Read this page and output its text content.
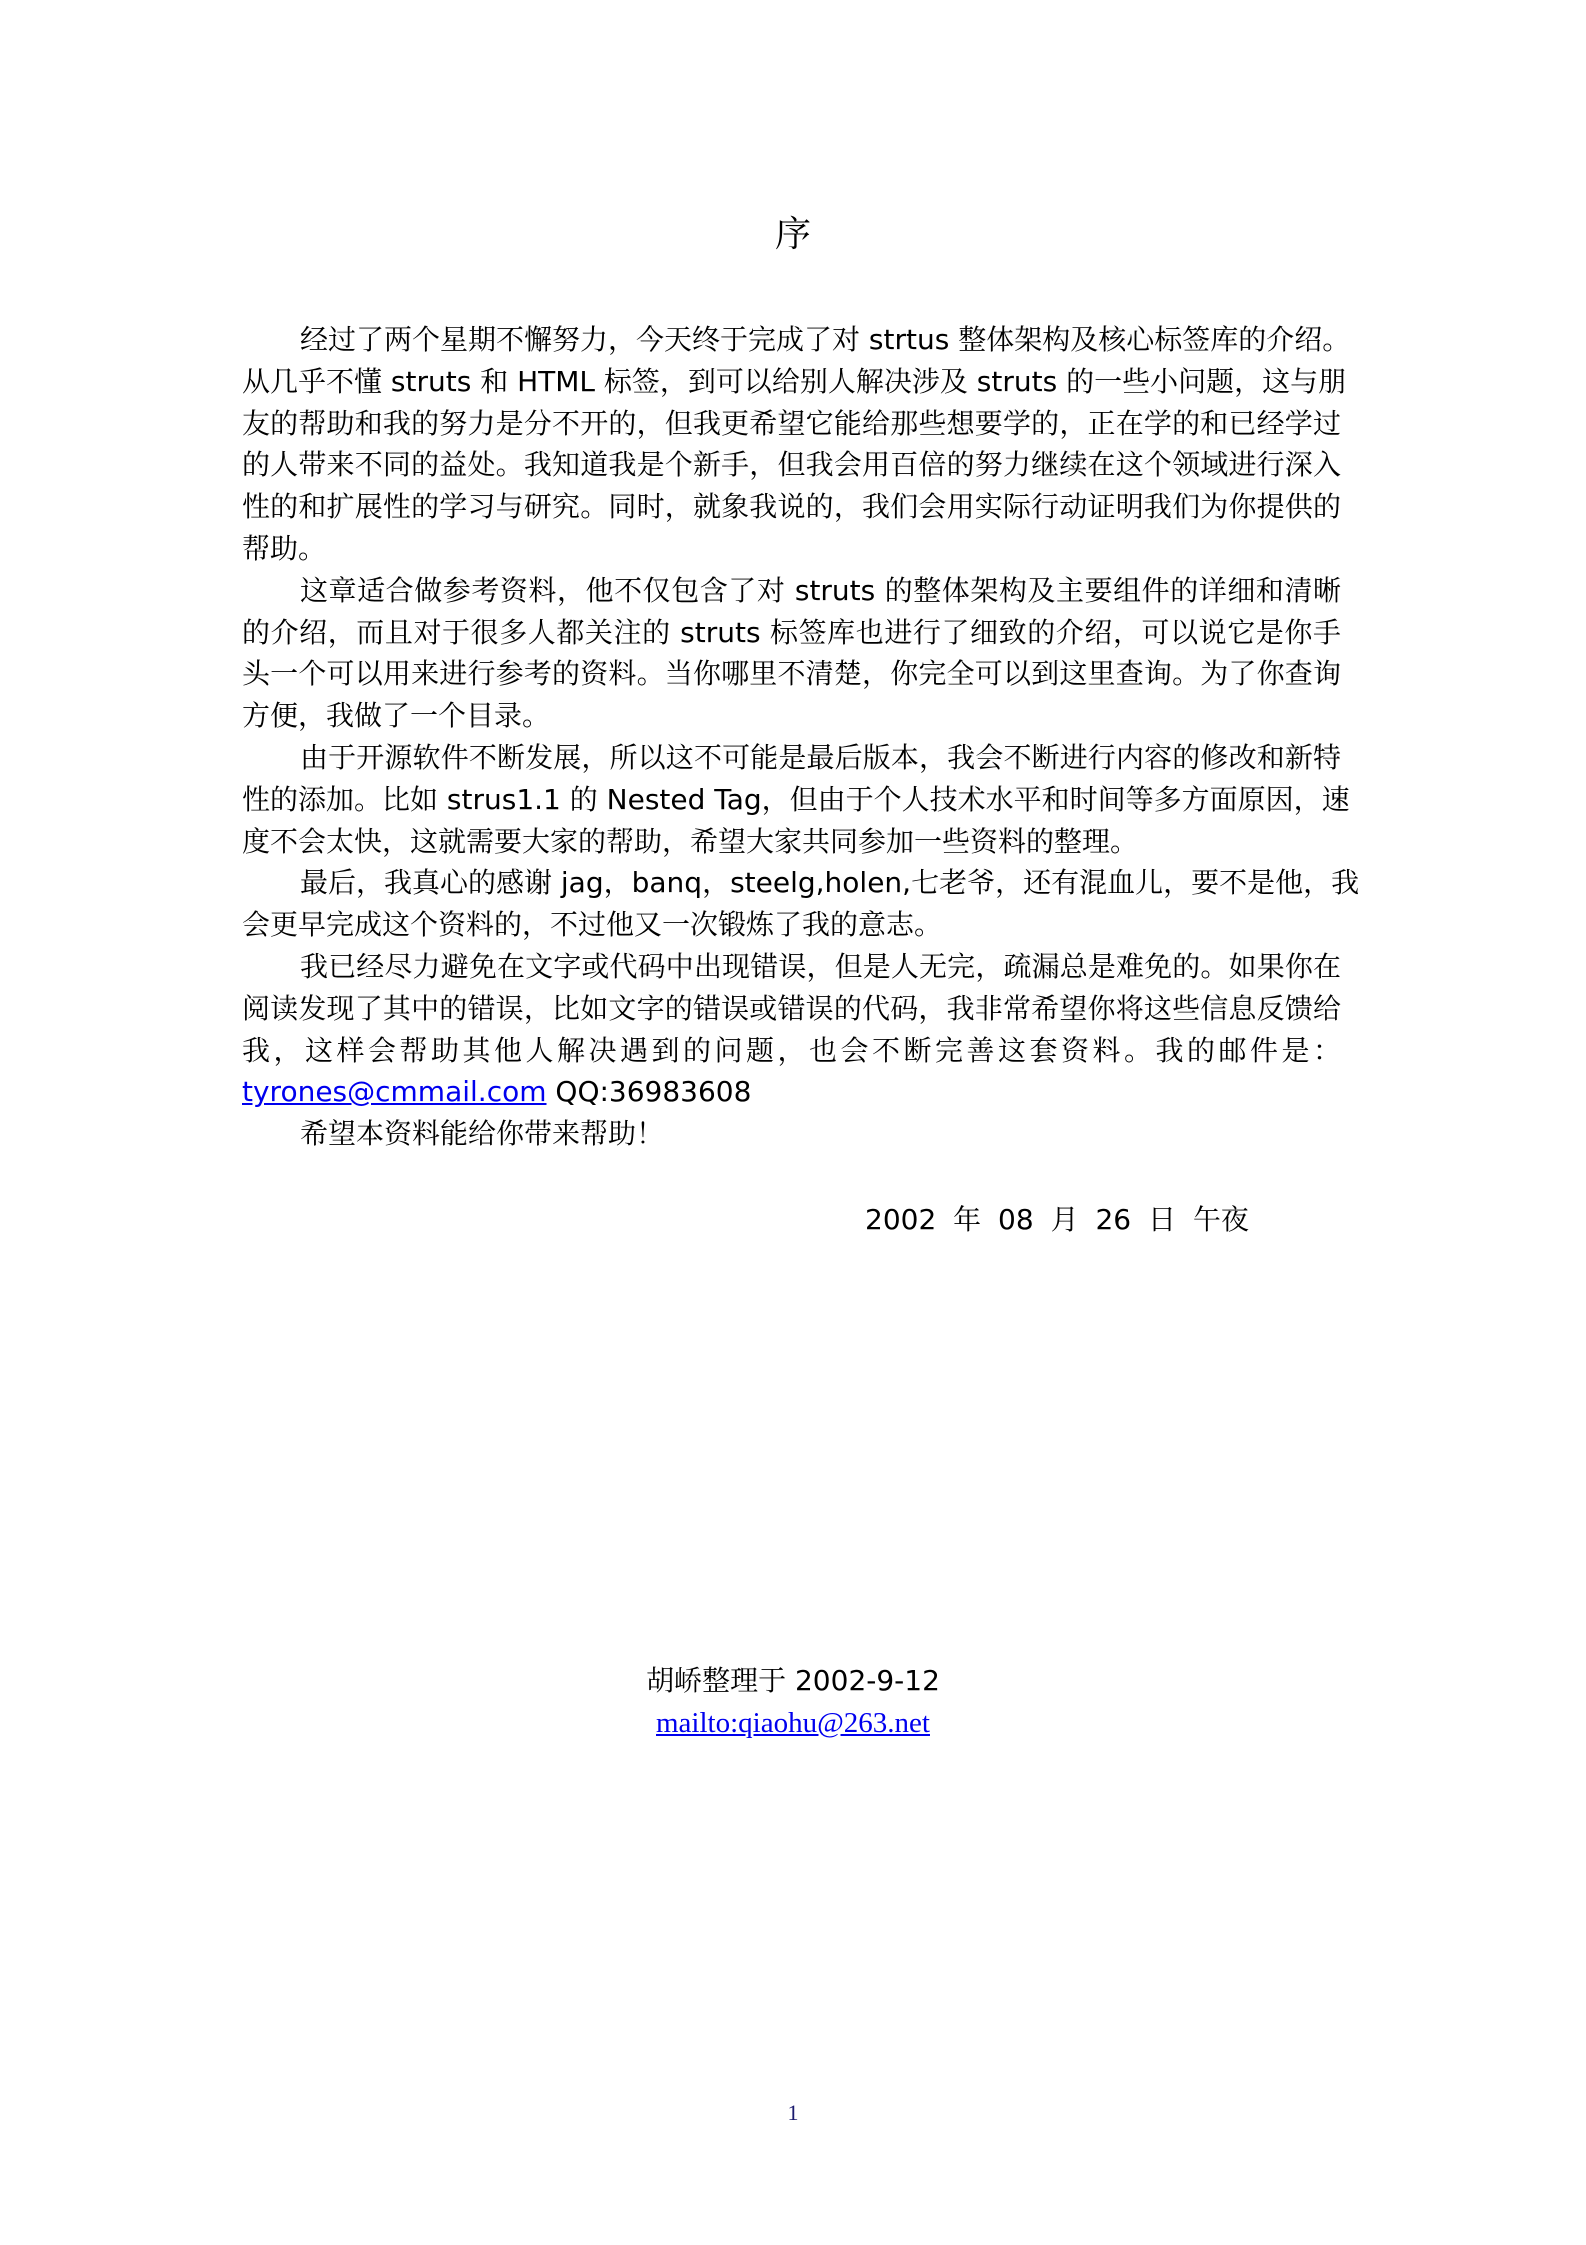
序
经过了两个星期不懈努力，今天终于完成了对 strtus 整体架构及核心标签库的介绍。
从几乎不懂 struts 和 HTML 标签，到可以给别人解决涉及 struts 的一些小问题，这与朋
友的帮助和我的努力是分不开的，但我更希望它能给那些想要学的，正在学的和已经学过
的人带来不同的益处。我知道我是个新手，但我会用百倍的努力继续在这个领域进行深入
性的和扩展性的学习与研究。同时，就象我说的，我们会用实际行动证明我们为你提供的
帮助。
这章适合做参考资料，他不仅包含了对 struts 的整体架构及主要组件的详细和清晰
的介绍，而且对于很多人都关注的 struts 标签库也进行了细致的介绍，可以说它是你手
头一个可以用来进行参考的资料。当你哪里不清楚，你完全可以到这里查询。为了你查询
方便，我做了一个目录。
由于开源软件不断发展，所以这不可能是最后版本，我会不断进行内容的修改和新特
性的添加。比如 strus1.1 的 Nested Tag，但由于个人技术水平和时间等多方面原因，速
度不会太快，这就需要大家的帮助，希望大家共同参加一些资料的整理。
最后，我真心的感谢 jag，banq，steelg,holen,七老爷，还有混血儿，要不是他，我
会更早完成这个资料的，不过他又一次锻炼了我的意志。
我已经尽力避免在文字或代码中出现错误，但是人无完，疏漏总是难免的。如果你在
阅读发现了其中的错误，比如文字的错误或错误的代码，我非常希望你将这些信息反馈给
我，这样会帮助其他人解决遇到的问题，也会不断完善这套资料。我的邮件是：
tyrones@cmmail.com QQ:36983608
希望本资料能给你带来帮助！
2002 年 08 月 26 日 午夜
胡峤整理于 2002-9-12
mailto:qiaohu@263.net
1
